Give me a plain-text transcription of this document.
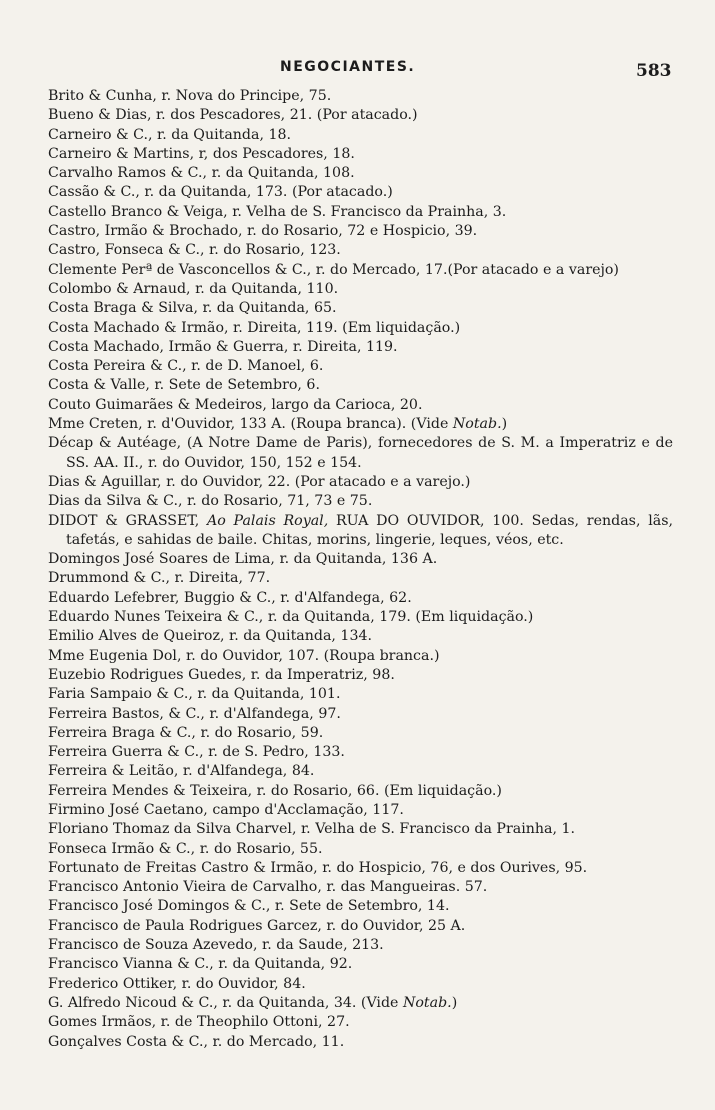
NEGOCIANTES.	583
Brito & Cunha, r. Nova do Principe, 75.
Bueno & Dias, r. dos Pescadores, 21. (Por atacado.)
Carneiro & C., r. da Quitanda, 18.
Carneiro & Martins, r, dos Pescadores, 18.
Carvalho Ramos & C., r. da Quitanda, 108.
Cassão & C., r. da Quitanda, 173. (Por atacado.)
Castello Branco & Veiga, r. Velha de S. Francisco da Prainha, 3.
Castro, Irmão & Brochado, r. do Rosario, 72 e Hospicio, 39.
Castro, Fonseca & C., r. do Rosario, 123.
Clemente Perª de Vasconcellos & C., r. do Mercado, 17.(Por atacado e a varejo)
Colombo & Arnaud, r. da Quitanda, 110.
Costa Braga & Silva, r. da Quitanda, 65.
Costa Machado & Irmão, r. Direita, 119. (Em liquidação.)
Costa Machado, Irmão & Guerra, r. Direita, 119.
Costa Pereira & C., r. de D. Manoel, 6.
Costa & Valle, r. Sete de Setembro, 6.
Couto Guimarães & Medeiros, largo da Carioca, 20.
Mme Creten, r. d'Ouvidor, 133 A. (Roupa branca). (Vide Notab.)
Décap & Autéage, (A Notre Dame de Paris), fornecedores de S. M. a Imperatriz e de SS. AA. II., r. do Ouvidor, 150, 152 e 154.
Dias & Aguillar, r. do Ouvidor, 22. (Por atacado e a varejo.)
Dias da Silva & C., r. do Rosario, 71, 73 e 75.
DIDOT & GRASSET, Ao Palais Royal, RUA DO OUVIDOR, 100. Sedas, rendas, lãs, tafetás, e sahidas de baile. Chitas, morins, lingerie, leques, véos, etc.
Domingos José Soares de Lima, r. da Quitanda, 136 A.
Drummond & C., r. Direita, 77.
Eduardo Lefebrer, Buggio & C., r. d'Alfandega, 62.
Eduardo Nunes Teixeira & C., r. da Quitanda, 179. (Em liquidação.)
Emilio Alves de Queiroz, r. da Quitanda, 134.
Mme Eugenia Dol, r. do Ouvidor, 107. (Roupa branca.)
Euzebio Rodrigues Guedes, r. da Imperatriz, 98.
Faria Sampaio & C., r. da Quitanda, 101.
Ferreira Bastos, & C., r. d'Alfandega, 97.
Ferreira Braga & C., r. do Rosario, 59.
Ferreira Guerra & C., r. de S. Pedro, 133.
Ferreira & Leitão, r. d'Alfandega, 84.
Ferreira Mendes & Teixeira, r. do Rosario, 66. (Em liquidação.)
Firmino José Caetano, campo d'Acclamação, 117.
Floriano Thomaz da Silva Charvel, r. Velha de S. Francisco da Prainha, 1.
Fonseca Irmão & C., r. do Rosario, 55.
Fortunato de Freitas Castro & Irmão, r. do Hospicio, 76, e dos Ourives, 95.
Francisco Antonio Vieira de Carvalho, r. das Mangueiras. 57.
Francisco José Domingos & C., r. Sete de Setembro, 14.
Francisco de Paula Rodrigues Garcez, r. do Ouvidor, 25 A.
Francisco de Souza Azevedo, r. da Saude, 213.
Francisco Vianna & C., r. da Quitanda, 92.
Frederico Ottiker, r. do Ouvidor, 84.
G. Alfredo Nicoud & C., r. da Quitanda, 34. (Vide Notab.)
Gomes Irmãos, r. de Theophilo Ottoni, 27.
Gonçalves Costa & C., r. do Mercado, 11.
